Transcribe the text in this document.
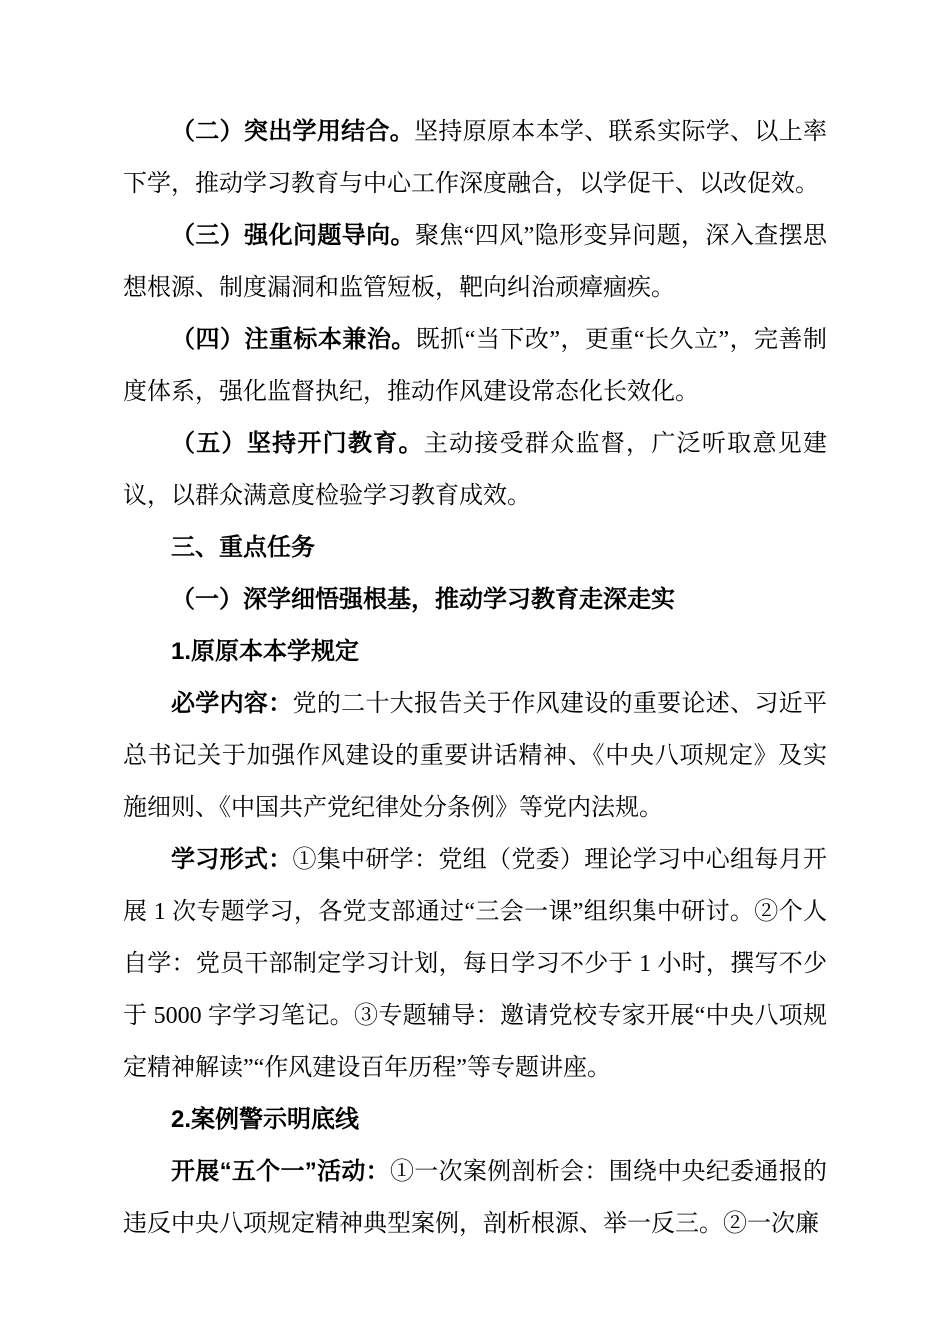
（二）突出学用结合。坚持原原本本学、联系实际学、以上率下学，推动学习教育与中心工作深度融合，以学促干、以改促效。

（三）强化问题导向。聚焦“四风”隐形变异问题，深入查摆思想根源、制度漏洞和监管短板，靶向纠治顽瘴痼疾。

（四）注重标本兼治。既抓“当下改”，更重“长久立”，完善制度体系，强化监督执纪，推动作风建设常态化长效化。

（五）坚持开门教育。主动接受群众监督，广泛听取意见建议，以群众满意度检验学习教育成效。

三、重点任务

（一）深学细悟强根基，推动学习教育走深走实

1.原原本本学规定

必学内容：党的二十大报告关于作风建设的重要论述、习近平总书记关于加强作风建设的重要讲话精神、《中央八项规定》及实施细则、《中国共产党纪律处分条例》等党内法规。

学习形式：①集中研学：党组（党委）理论学习中心组每月开展 1 次专题学习，各党支部通过“三会一课”组织集中研讨。②个人自学：党员干部制定学习计划，每日学习不少于 1 小时，撰写不少于 5000 字学习笔记。③专题辅导：邀请党校专家开展“中央八项规定精神解读”“作风建设百年历程”等专题讲座。

2.案例警示明底线

开展“五个一”活动：①一次案例剖析会：围绕中央纪委通报的违反中央八项规定精神典型案例，剖析根源、举一反三。②一次廉
